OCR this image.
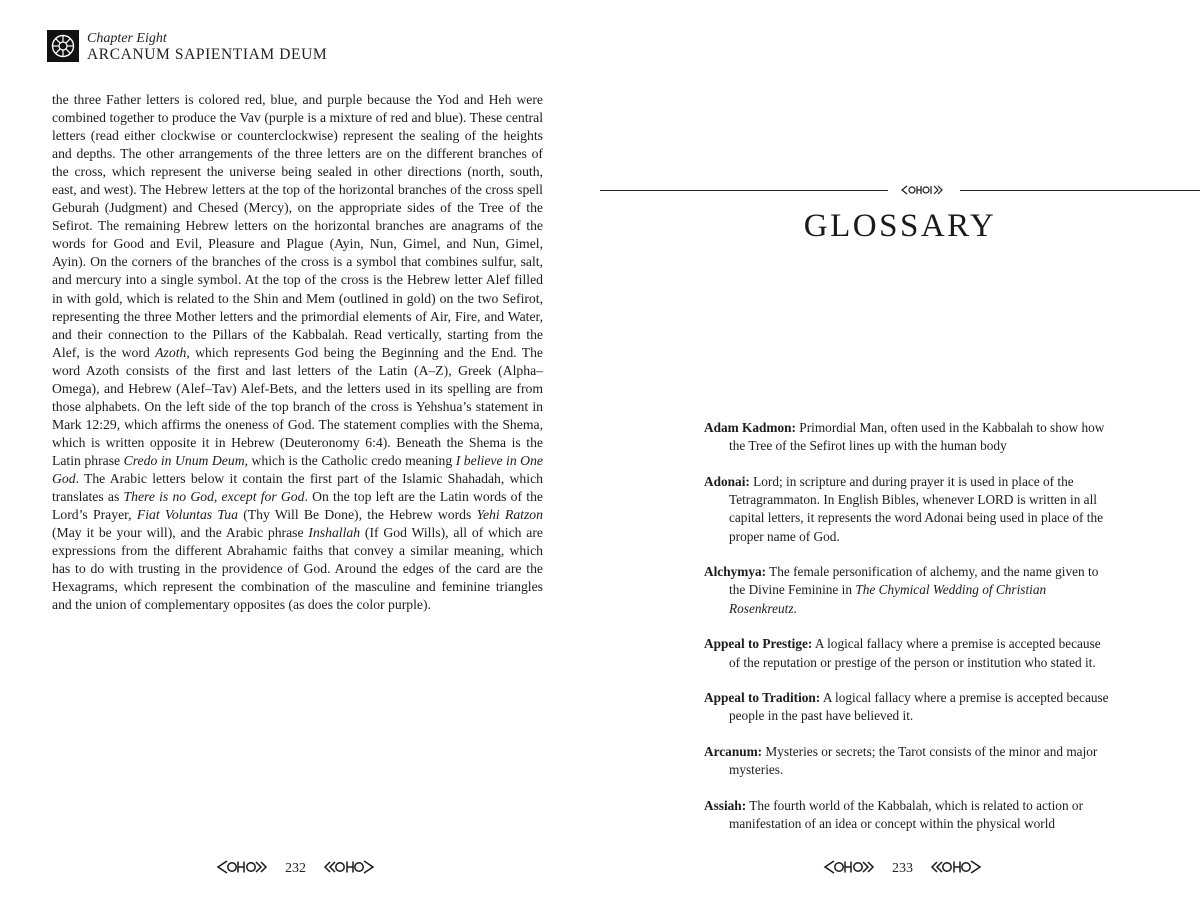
Chapter Eight
ARCANUM SAPIENTIAM DEUM

the three Father letters is colored red, blue, and purple because the Yod and Heh were combined together to produce the Vav (purple is a mixture of red and blue). These central letters (read either clockwise or counterclockwise) represent the sealing of the heights and depths. The other arrangements of the three letters are on the different branches of the cross, which represent the universe being sealed in other directions (north, south, east, and west). The Hebrew letters at the top of the horizontal branches of the cross spell Geburah (Judgment) and Chesed (Mercy), on the appropriate sides of the Tree of the Sefirot. The remaining Hebrew letters on the horizontal branches are anagrams of the words for Good and Evil, Pleasure and Plague (Ayin, Nun, Gimel, and Nun, Gimel, Ayin). On the corners of the branches of the cross is a symbol that combines sulfur, salt, and mercury into a single symbol. At the top of the cross is the Hebrew letter Alef filled in with gold, which is related to the Shin and Mem (outlined in gold) on the two Sefirot, representing the three Mother letters and the primordial elements of Air, Fire, and Water, and their connection to the Pillars of the Kabbalah. Read vertically, starting from the Alef, is the word Azoth, which represents God being the Beginning and the End. The word Azoth consists of the first and last letters of the Latin (A–Z), Greek (Alpha–Omega), and Hebrew (Alef–Tav) Alef-Bets, and the letters used in its spelling are from those alphabets. On the left side of the top branch of the cross is Yehshua’s statement in Mark 12:29, which affirms the oneness of God. The statement complies with the Shema, which is written opposite it in Hebrew (Deuteronomy 6:4). Beneath the Shema is the Latin phrase Credo in Unum Deum, which is the Catholic credo meaning I believe in One God. The Arabic letters below it contain the first part of the Islamic Shahadah, which translates as There is no God, except for God. On the top left are the Latin words of the Lord’s Prayer, Fiat Voluntas Tua (Thy Will Be Done), the Hebrew words Yehi Ratzon (May it be your will), and the Arabic phrase Inshallah (If God Wills), all of which are expressions from the different Abrahamic faiths that convey a similar meaning, which has to do with trusting in the providence of God. Around the edges of the card are the Hexagrams, which represent the combination of the masculine and feminine triangles and the union of complementary opposites (as does the color purple).

232
GLOSSARY

Adam Kadmon: Primordial Man, often used in the Kabbalah to show how the Tree of the Sefirot lines up with the human body

Adonai: Lord; in scripture and during prayer it is used in place of the Tetragrammaton. In English Bibles, whenever LORD is written in all capital letters, it represents the word Adonai being used in place of the proper name of God.

Alchymya: The female personification of alchemy, and the name given to the Divine Feminine in The Chymical Wedding of Christian Rosenkreutz.

Appeal to Prestige: A logical fallacy where a premise is accepted because of the reputation or prestige of the person or institution who stated it.

Appeal to Tradition: A logical fallacy where a premise is accepted because people in the past have believed it.

Arcanum: Mysteries or secrets; the Tarot consists of the minor and major mysteries.

Assiah: The fourth world of the Kabbalah, which is related to action or manifestation of an idea or concept within the physical world

233
